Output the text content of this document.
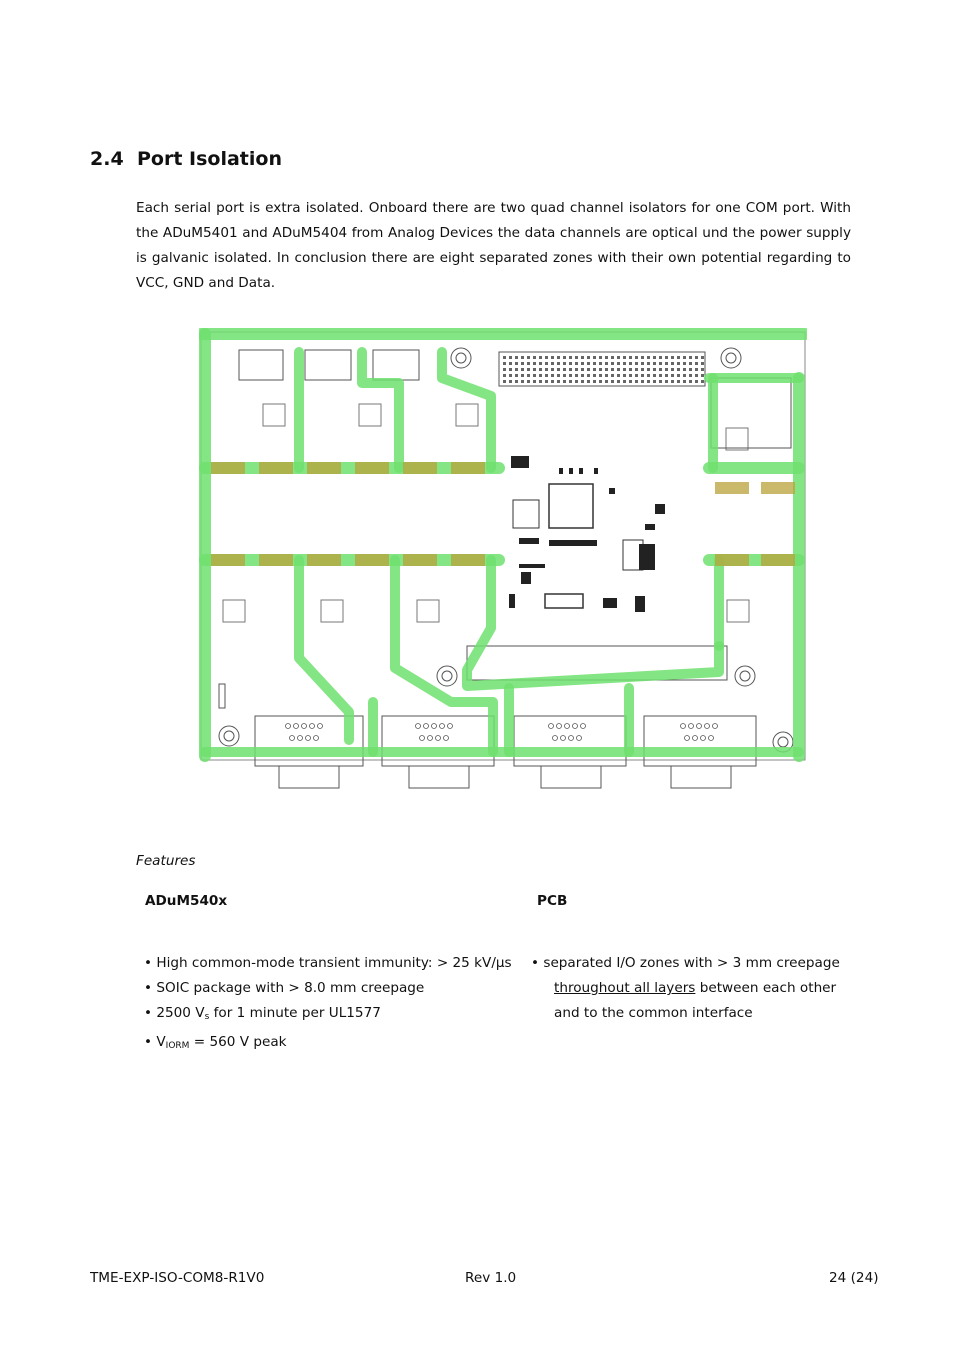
2.4 Port Isolation

Each serial port is extra isolated. Onboard there are two quad channel isolators for one COM port. With the ADuM5401 and ADuM5404 from Analog Devices the data channels are optical und the power supply is galvanic isolated. In conclusion there are eight separated zones with their own potential regarding to VCC, GND and Data.

Features
ADuM540x	PCB
• High common-mode transient immunity: > 25 kV/µs
• SOIC package with > 8.0 mm creepage
• 2500 $V_s$ for 1 minute per UL1577
• $V_{IORM} = 560$ V peak
• separated I/O zones with > 3 mm creepage
throughout all layers between each other
and to the common interface
TME-EXP-ISO-COM8-R1V0	Rev 1.0	24 (24)
